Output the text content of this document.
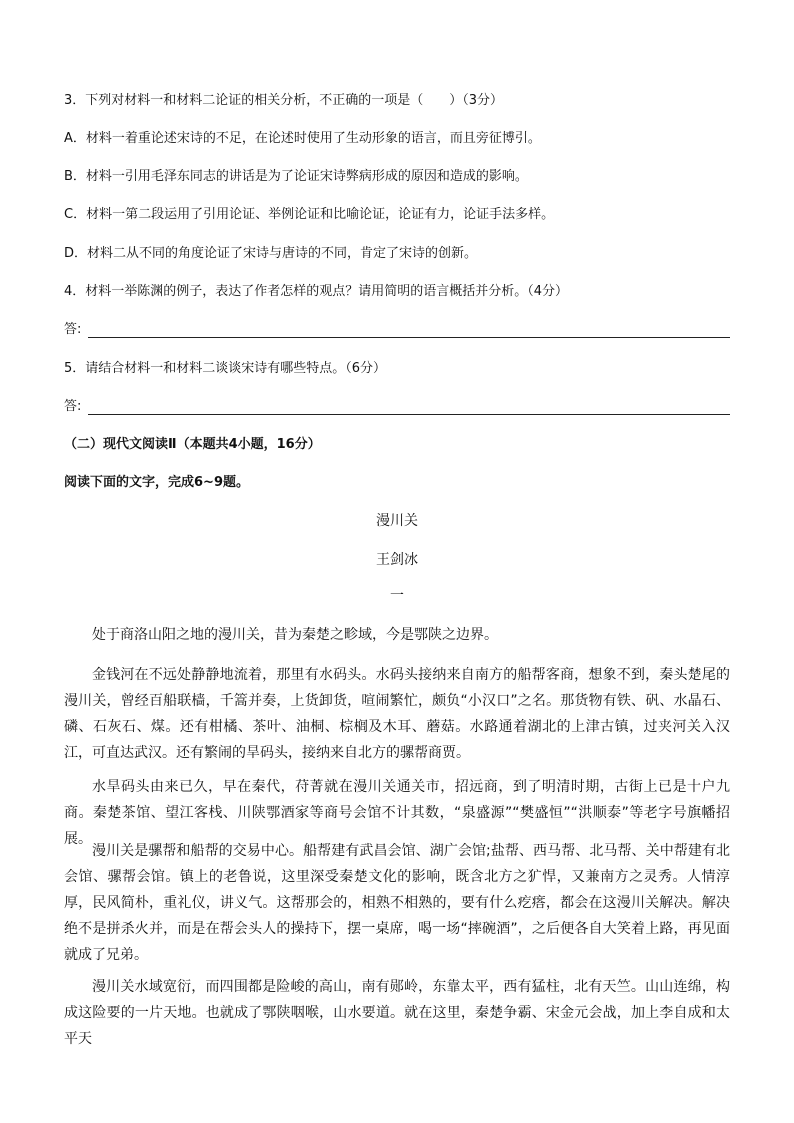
3．下列对材料一和材料二论证的相关分析，不正确的一项是（　　）（3分）
A．材料一着重论述宋诗的不足，在论述时使用了生动形象的语言，而且旁征博引。
B．材料一引用毛泽东同志的讲话是为了论证宋诗弊病形成的原因和造成的影响。
C．材料一第二段运用了引用论证、举例论证和比喻论证，论证有力，论证手法多样。
D．材料二从不同的角度论证了宋诗与唐诗的不同，肯定了宋诗的创新。
4．材料一举陈渊的例子，表达了作者怎样的观点？请用简明的语言概括并分析。（4分）
答:
5．请结合材料一和材料二谈谈宋诗有哪些特点。（6分）
答:
（二）现代文阅读Ⅱ（本题共4小题，16分）
阅读下面的文字，完成6~9题。
漫川关
王剑冰
一
处于商洛山阳之地的漫川关，昔为秦楚之畛域，今是鄂陕之边界。
金钱河在不远处静静地流着，那里有水码头。水码头接纳来自南方的船帮客商，想象不到，秦头楚尾的漫川关，曾经百船联樯，千篙并奏，上货卸货，喧闹繁忙，颇负“小汉口”之名。那货物有铁、矾、水晶石、磷、石灰石、煤。还有柑橘、茶叶、油桐、棕榈及木耳、蘑菇。水路通着湖北的上津古镇，过夹河关入汉江，可直达武汉。还有繁闹的旱码头，接纳来自北方的骡帮商贾。
水旱码头由来已久，早在秦代，苻菁就在漫川关通关市，招远商，到了明清时期，古街上已是十户九商。秦楚茶馆、望江客栈、川陕鄂酒家等商号会馆不计其数，“泉盛源”“樊盛恒”“洪顺泰”等老字号旗幡招展。
漫川关是骡帮和船帮的交易中心。船帮建有武昌会馆、湖广会馆;盐帮、西马帮、北马帮、关中帮建有北会馆、骡帮会馆。镇上的老鲁说，这里深受秦楚文化的影响，既含北方之犷悍，又兼南方之灵秀。人情淳厚，民风简朴，重礼仪，讲义气。这帮那会的，相熟不相熟的，要有什么疙瘩，都会在这漫川关解决。解决绝不是拼杀火并，而是在帮会头人的操持下，摆一桌席，喝一场“摔碗酒”，之后便各自大笑着上路，再见面就成了兄弟。
漫川关水域宽衍，而四围都是险峻的高山，南有郧岭，东靠太平，西有猛柱，北有天竺。山山连绵，构成这险要的一片天地。也就成了鄂陕咽喉，山水要道。就在这里，秦楚争霸、宋金元会战，加上李自成和太平天
